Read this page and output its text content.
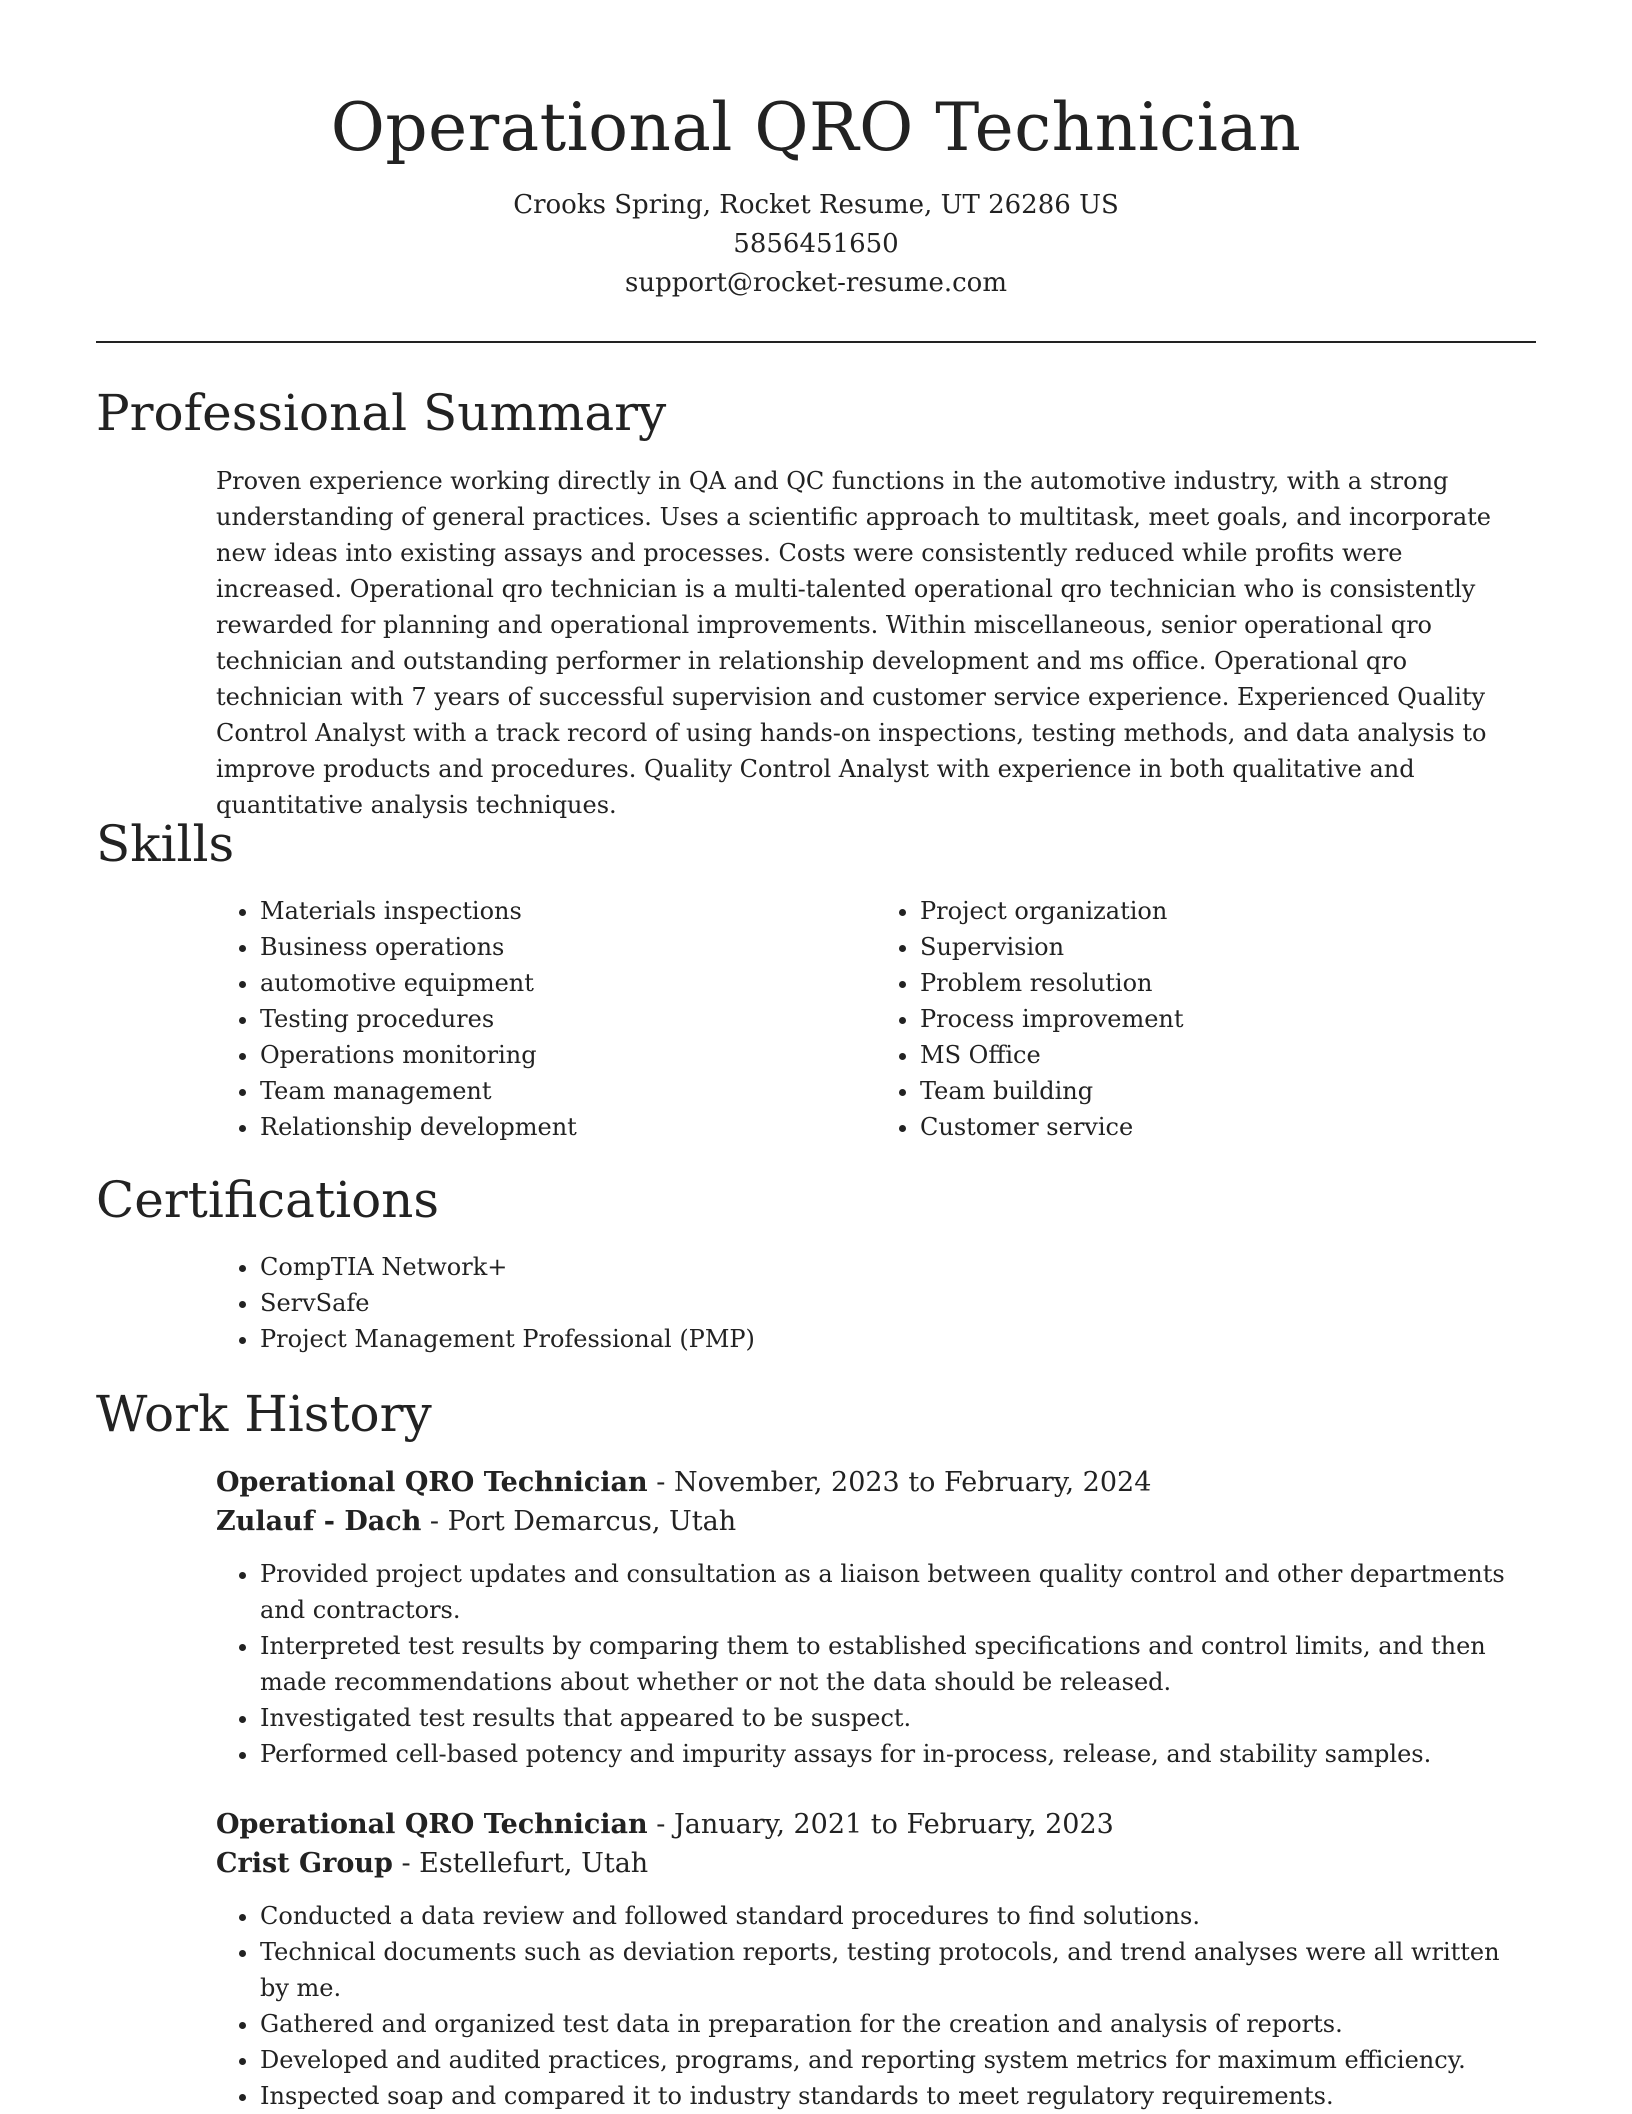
Operational QRO Technician
Crooks Spring, Rocket Resume, UT 26286 US
5856451650
support@rocket-resume.com
Professional Summary

Proven experience working directly in QA and QC functions in the automotive industry, with a strong understanding of general practices. Uses a scientific approach to multitask, meet goals, and incorporate new ideas into existing assays and processes. Costs were consistently reduced while profits were increased. Operational qro technician is a multi-talented operational qro technician who is consistently rewarded for planning and operational improvements. Within miscellaneous, senior operational qro technician and outstanding performer in relationship development and ms office. Operational qro technician with 7 years of successful supervision and customer service experience. Experienced Quality Control Analyst with a track record of using hands-on inspections, testing methods, and data analysis to improve products and procedures. Quality Control Analyst with experience in both qualitative and quantitative analysis techniques.

Skills
• Materials inspections
• Business operations
• automotive equipment
• Testing procedures
• Operations monitoring
• Team management
• Relationship development
• Project organization
• Supervision
• Problem resolution
• Process improvement
• MS Office
• Team building
• Customer service
Certifications
• CompTIA Network+
• ServSafe
• Project Management Professional (PMP)
Work History
Operational QRO Technician - November, 2023 to February, 2024
Zulauf - Dach - Port Demarcus, Utah
• Provided project updates and consultation as a liaison between quality control and other departments and contractors.
• Interpreted test results by comparing them to established specifications and control limits, and then made recommendations about whether or not the data should be released.
• Investigated test results that appeared to be suspect.
• Performed cell-based potency and impurity assays for in-process, release, and stability samples.
Operational QRO Technician - January, 2021 to February, 2023
Crist Group - Estellefurt, Utah
• Conducted a data review and followed standard procedures to find solutions.
• Technical documents such as deviation reports, testing protocols, and trend analyses were all written by me.
• Gathered and organized test data in preparation for the creation and analysis of reports.
• Developed and audited practices, programs, and reporting system metrics for maximum efficiency.
• Inspected soap and compared it to industry standards to meet regulatory requirements.
